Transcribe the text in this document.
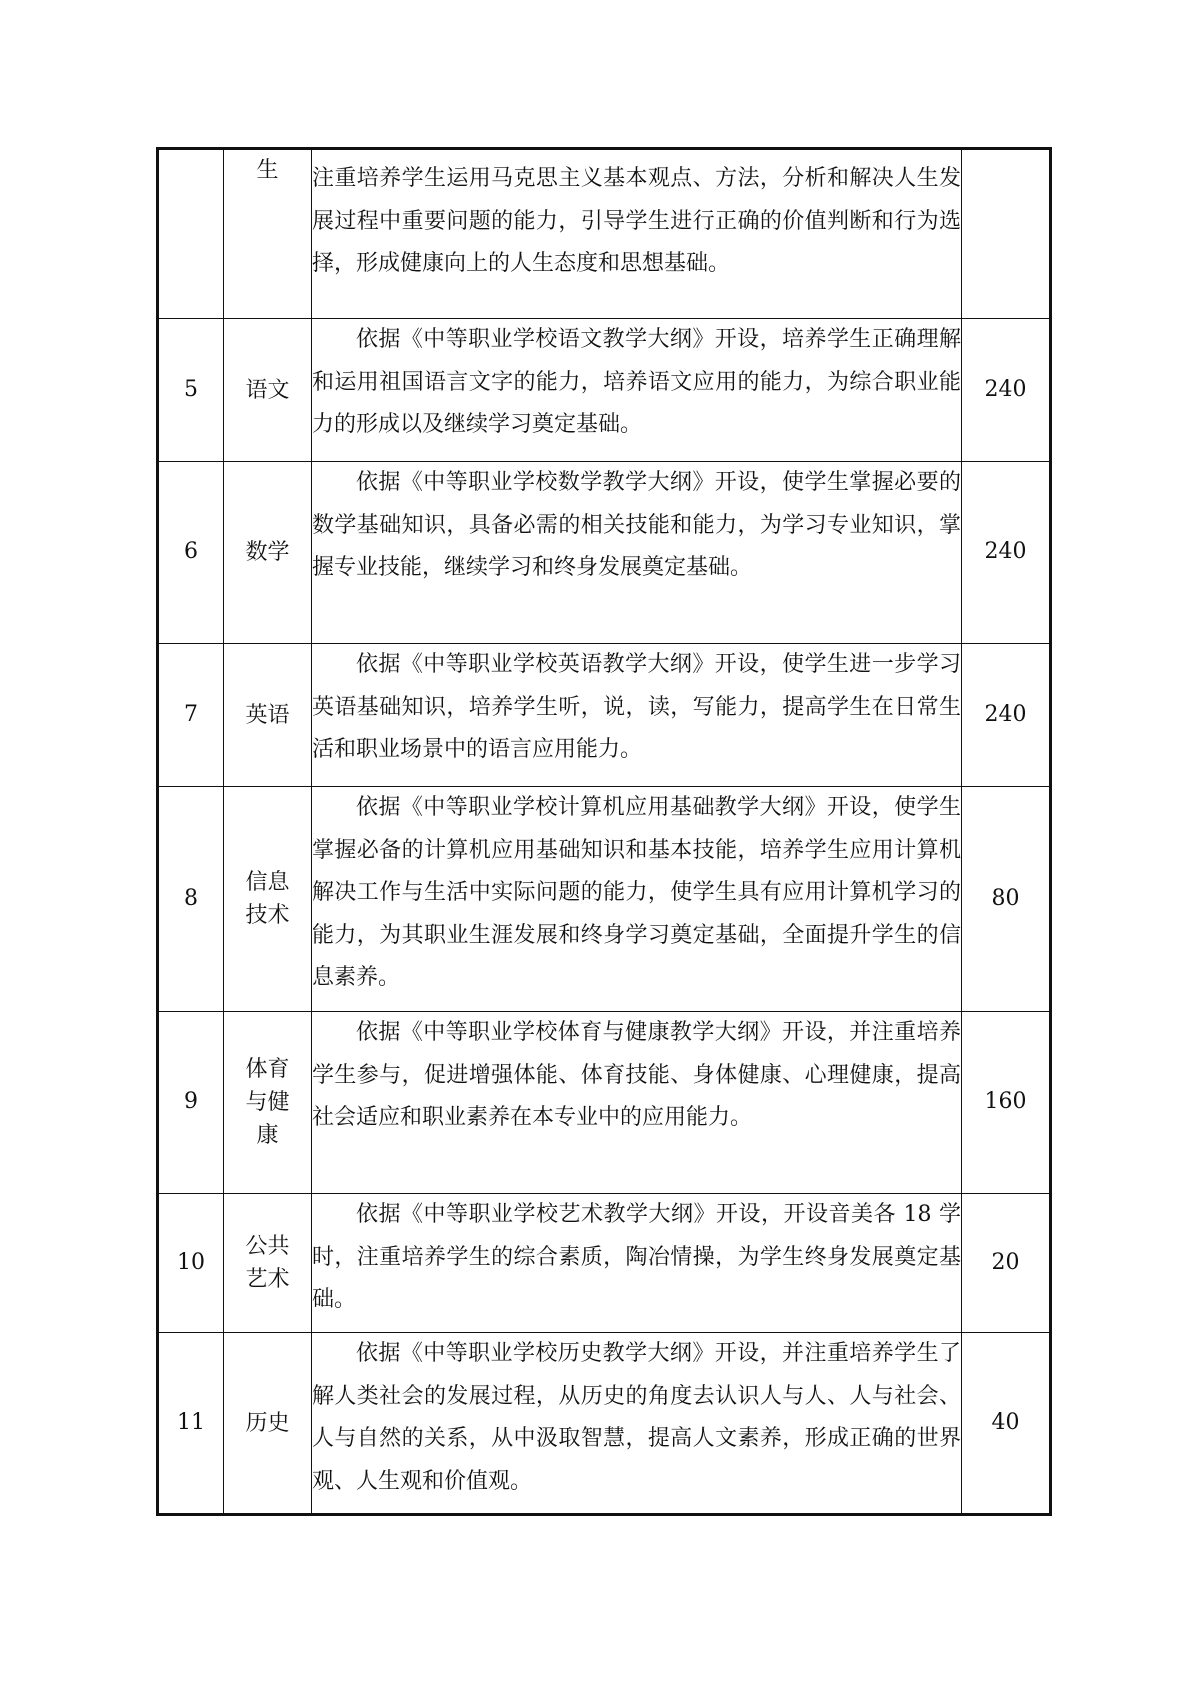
	生	注重培养学生运用马克思主义基本观点、方法，分析和解决人生发展过程中重要问题的能力，引导学生进行正确的价值判断和行为选择，形成健康向上的人生态度和思想基础。	

5	语文	依据《中等职业学校语文教学大纲》开设，培养学生正确理解和运用祖国语言文字的能力，培养语文应用的能力，为综合职业能力的形成以及继续学习奠定基础。	240
6	数学	依据《中等职业学校数学教学大纲》开设，使学生掌握必要的数学基础知识，具备必需的相关技能和能力，为学习专业知识，掌握专业技能，继续学习和终身发展奠定基础。	240
7	英语	依据《中等职业学校英语教学大纲》开设，使学生进一步学习英语基础知识，培养学生听，说，读，写能力，提高学生在日常生活和职业场景中的语言应用能力。	240
8	信息技术	依据《中等职业学校计算机应用基础教学大纲》开设，使学生掌握必备的计算机应用基础知识和基本技能，培养学生应用计算机解决工作与生活中实际问题的能力，使学生具有应用计算机学习的能力，为其职业生涯发展和终身学习奠定基础，全面提升学生的信息素养。	80
9	体育与健康	依据《中等职业学校体育与健康教学大纲》开设，并注重培养学生参与，促进增强体能、体育技能、身体健康、心理健康，提高社会适应和职业素养在本专业中的应用能力。	160
10	公共艺术	依据《中等职业学校艺术教学大纲》开设，开设音美各 18 学时，注重培养学生的综合素质，陶冶情操，为学生终身发展奠定基础。	20
11	历史	依据《中等职业学校历史教学大纲》开设，并注重培养学生了解人类社会的发展过程，从历史的角度去认识人与人、人与社会、人与自然的关系，从中汲取智慧，提高人文素养，形成正确的世界观、人生观和价值观。	40
